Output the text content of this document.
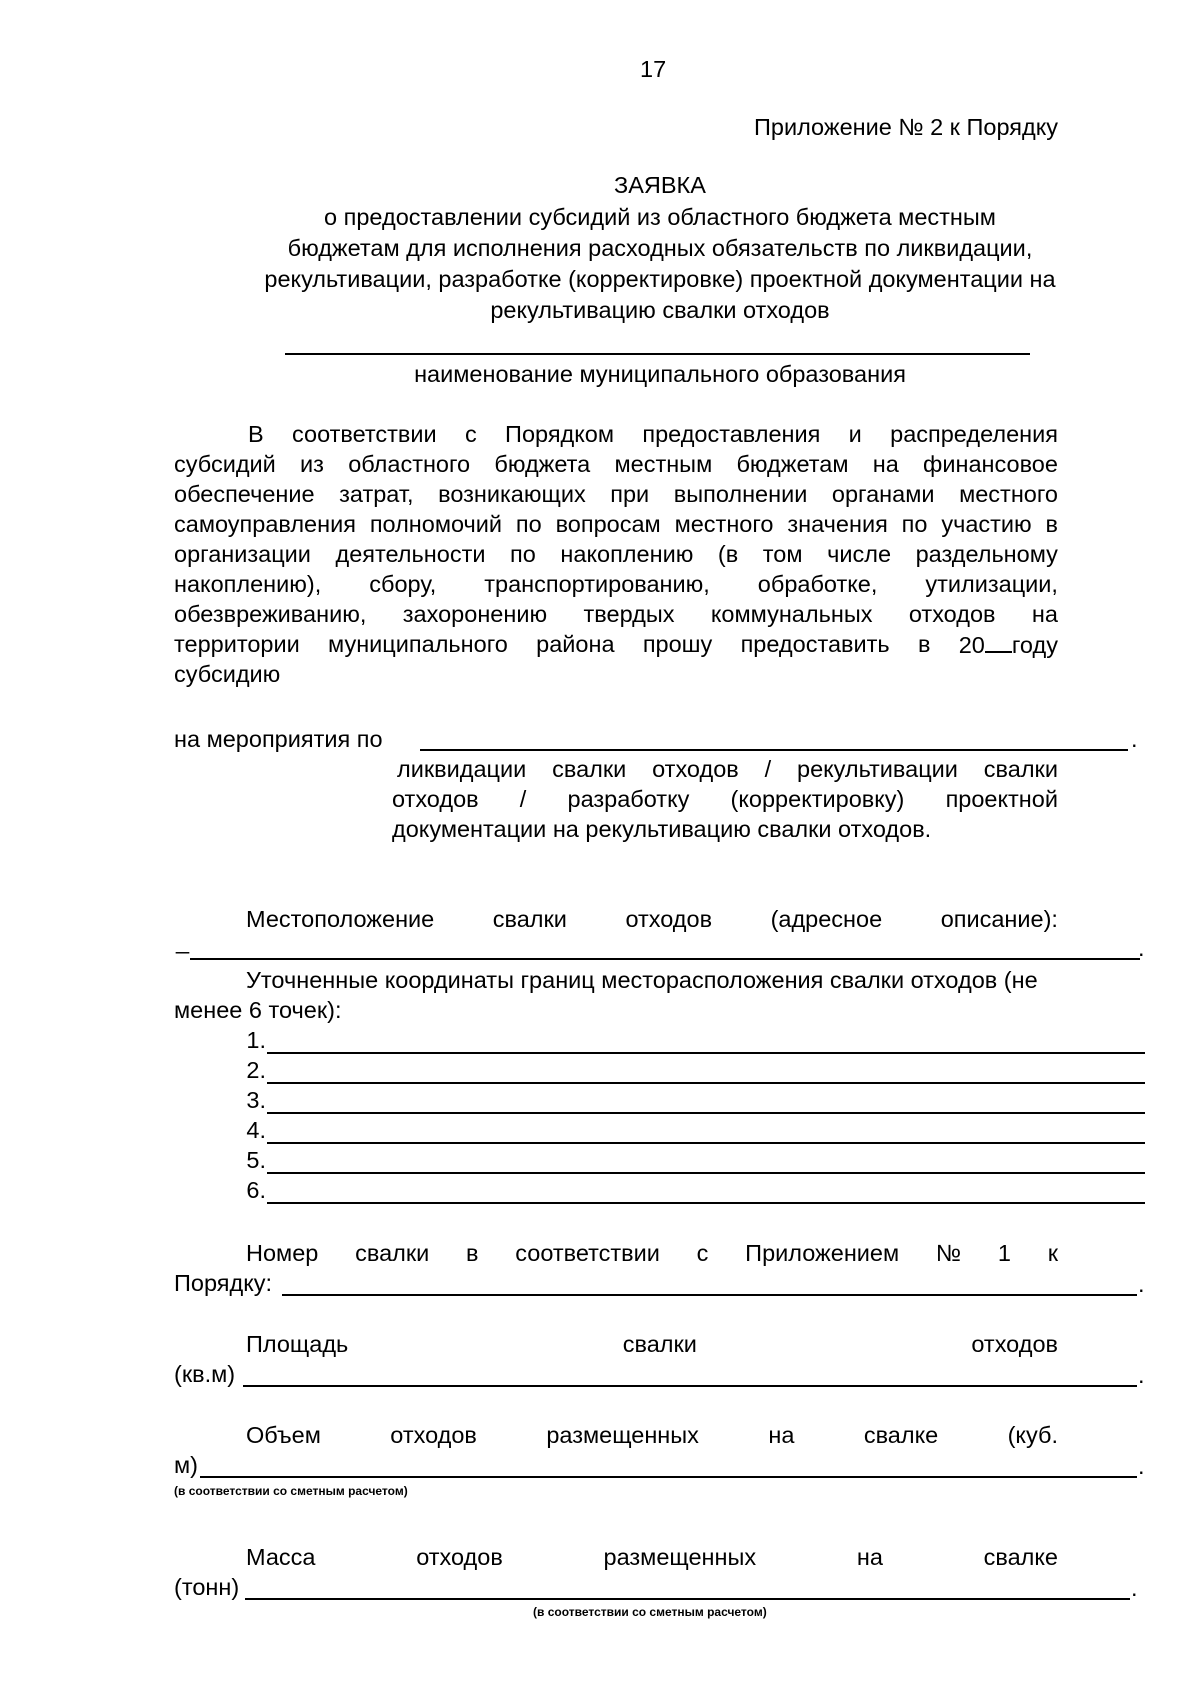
17
Приложение № 2 к Порядку
ЗАЯВКА
о предоставлении субсидий из областного бюджета местным
бюджетам для исполнения расходных обязательств по ликвидации,
рекультивации, разработке (корректировке) проектной документации на
рекультивацию свалки отходов
наименование муниципального образования
В соответствии с Порядком предоставления и распределения
субсидий из областного бюджета местным бюджетам на финансовое
обеспечение затрат, возникающих при выполнении органами местного
самоуправления полномочий по вопросам местного значения по участию в
организации деятельности по накоплению (в том числе раздельному
накоплению), сбору, транспортированию, обработке, утилизации,
обезвреживанию, захоронению твердых коммунальных отходов на
территории муниципального района прошу предоставить в 20 году
субсидию
на мероприятия по	.
ликвидации свалки отходов / рекультивации свалки
отходов / разработку (корректировку) проектной
документации на рекультивацию свалки отходов.
Местоположение свалки отходов (адресное описание):
_	.
Уточненные координаты границ месторасположения свалки отходов (не
менее 6 точек):
1.
2.
3.
4.
5.
6.
Номер свалки в соответствии с Приложением № 1 к
Порядку:	.
Площадь	свалки	отходов
(кв.м)	.
Объем	отходов	размещенных	на	свалке	(куб.
м)	.
(в соответствии со сметным расчетом)
Масса	отходов	размещенных	на	свалке
(тонн)	.
(в соответствии со сметным расчетом)
